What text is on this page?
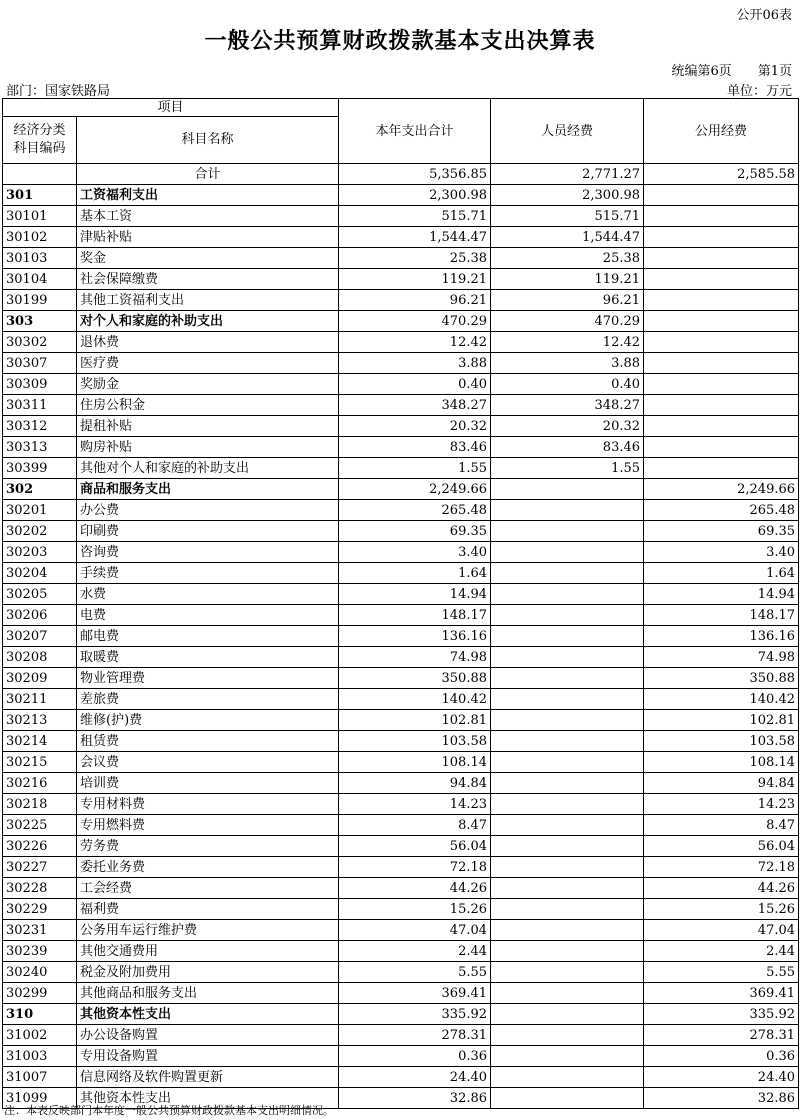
公开06表
一般公共预算财政拨款基本支出决算表
统编第6页 第1页
部门：国家铁路局	单位：万元
项目		本年支出合计	人员经费	公用经费
经济分类
科目编码	科目名称			
	合计	5,356.85	2,771.27	2,585.58
301	工资福利支出	2,300.98	2,300.98	
30101	基本工资	515.71	515.71	
30102	津贴补贴	1,544.47	1,544.47	
30103	奖金	25.38	25.38	
30104	社会保障缴费	119.21	119.21	
30199	其他工资福利支出	96.21	96.21	
303	对个人和家庭的补助支出	470.29	470.29	
30302	退休费	12.42	12.42	
30307	医疗费	3.88	3.88	
30309	奖励金	0.40	0.40	
30311	住房公积金	348.27	348.27	
30312	提租补贴	20.32	20.32	
30313	购房补贴	83.46	83.46	
30399	其他对个人和家庭的补助支出	1.55	1.55	
302	商品和服务支出	2,249.66		2,249.66
30201	办公费	265.48		265.48
30202	印刷费	69.35		69.35
30203	咨询费	3.40		3.40
30204	手续费	1.64		1.64
30205	水费	14.94		14.94
30206	电费	148.17		148.17
30207	邮电费	136.16		136.16
30208	取暖费	74.98		74.98
30209	物业管理费	350.88		350.88
30211	差旅费	140.42		140.42
30213	维修(护)费	102.81		102.81
30214	租赁费	103.58		103.58
30215	会议费	108.14		108.14
30216	培训费	94.84		94.84
30218	专用材料费	14.23		14.23
30225	专用燃料费	8.47		8.47
30226	劳务费	56.04		56.04
30227	委托业务费	72.18		72.18
30228	工会经费	44.26		44.26
30229	福利费	15.26		15.26
30231	公务用车运行维护费	47.04		47.04
30239	其他交通费用	2.44		2.44
30240	税金及附加费用	5.55		5.55
30299	其他商品和服务支出	369.41		369.41
310	其他资本性支出	335.92		335.92
31002	办公设备购置	278.31		278.31
31003	专用设备购置	0.36		0.36
31007	信息网络及软件购置更新	24.40		24.40
31099	其他资本性支出	32.86		32.86
注：本表反映部门本年度一般公共预算财政拨款基本支出明细情况。
